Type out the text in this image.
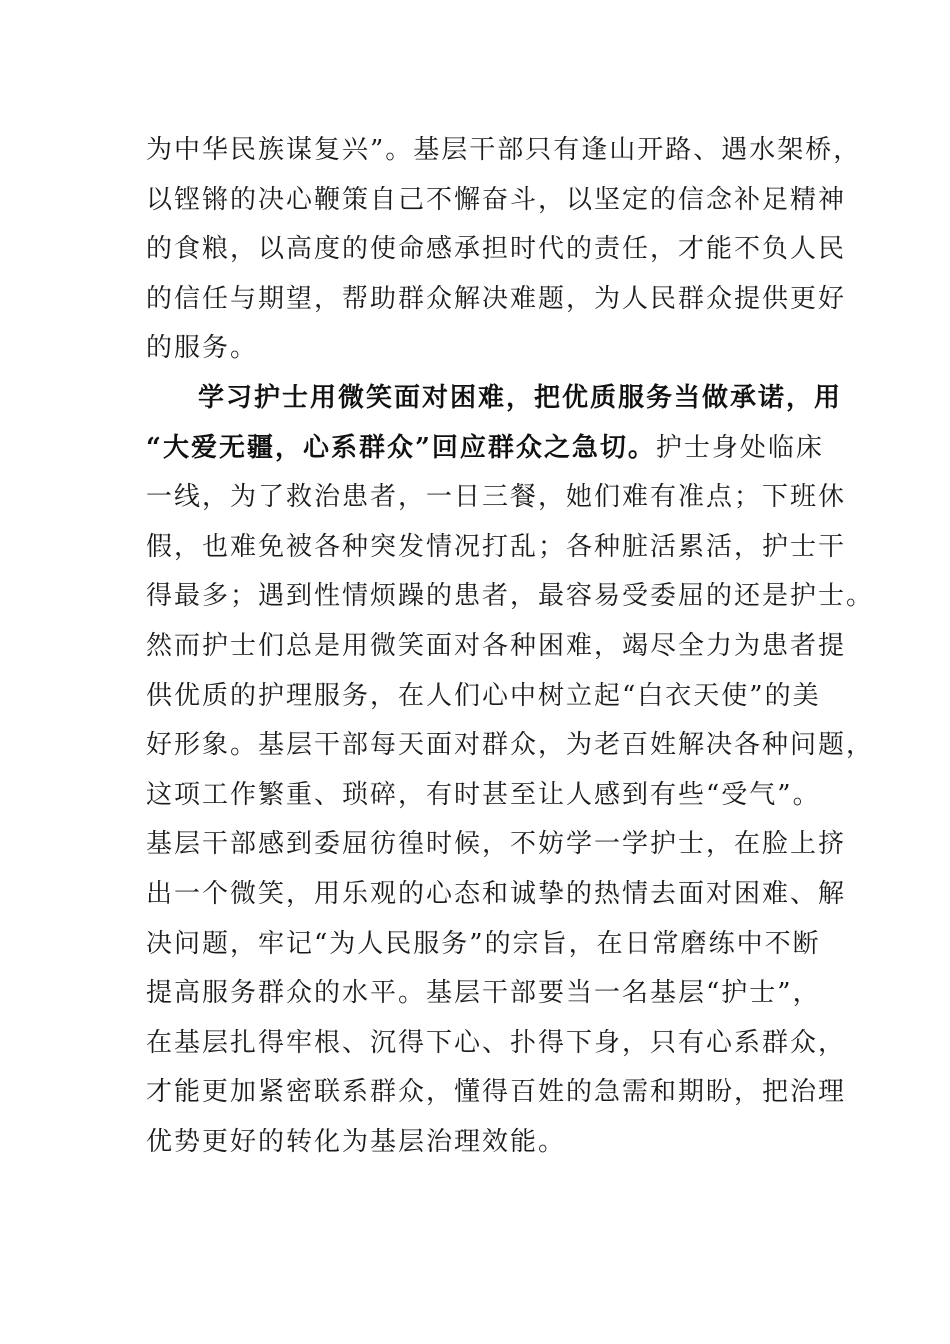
为中华民族谋复兴”。基层干部只有逢山开路、遇水架桥，
以铿锵的决心鞭策自己不懈奋斗，以坚定的信念补足精神
的食粮，以高度的使命感承担时代的责任，才能不负人民
的信任与期望，帮助群众解决难题，为人民群众提供更好
的服务。
学习护士用微笑面对困难，把优质服务当做承诺，用
“大爱无疆，心系群众”回应群众之急切。护士身处临床
一线，为了救治患者，一日三餐，她们难有准点；下班休
假，也难免被各种突发情况打乱；各种脏活累活，护士干
得最多；遇到性情烦躁的患者，最容易受委屈的还是护士。
然而护士们总是用微笑面对各种困难，竭尽全力为患者提
供优质的护理服务，在人们心中树立起“白衣天使”的美
好形象。基层干部每天面对群众，为老百姓解决各种问题，
这项工作繁重、琐碎，有时甚至让人感到有些“受气”。
基层干部感到委屈彷徨时候，不妨学一学护士，在脸上挤
出一个微笑，用乐观的心态和诚挚的热情去面对困难、解
决问题，牢记“为人民服务”的宗旨，在日常磨练中不断
提高服务群众的水平。基层干部要当一名基层“护士”，
在基层扎得牢根、沉得下心、扑得下身，只有心系群众，
才能更加紧密联系群众，懂得百姓的急需和期盼，把治理
优势更好的转化为基层治理效能。
